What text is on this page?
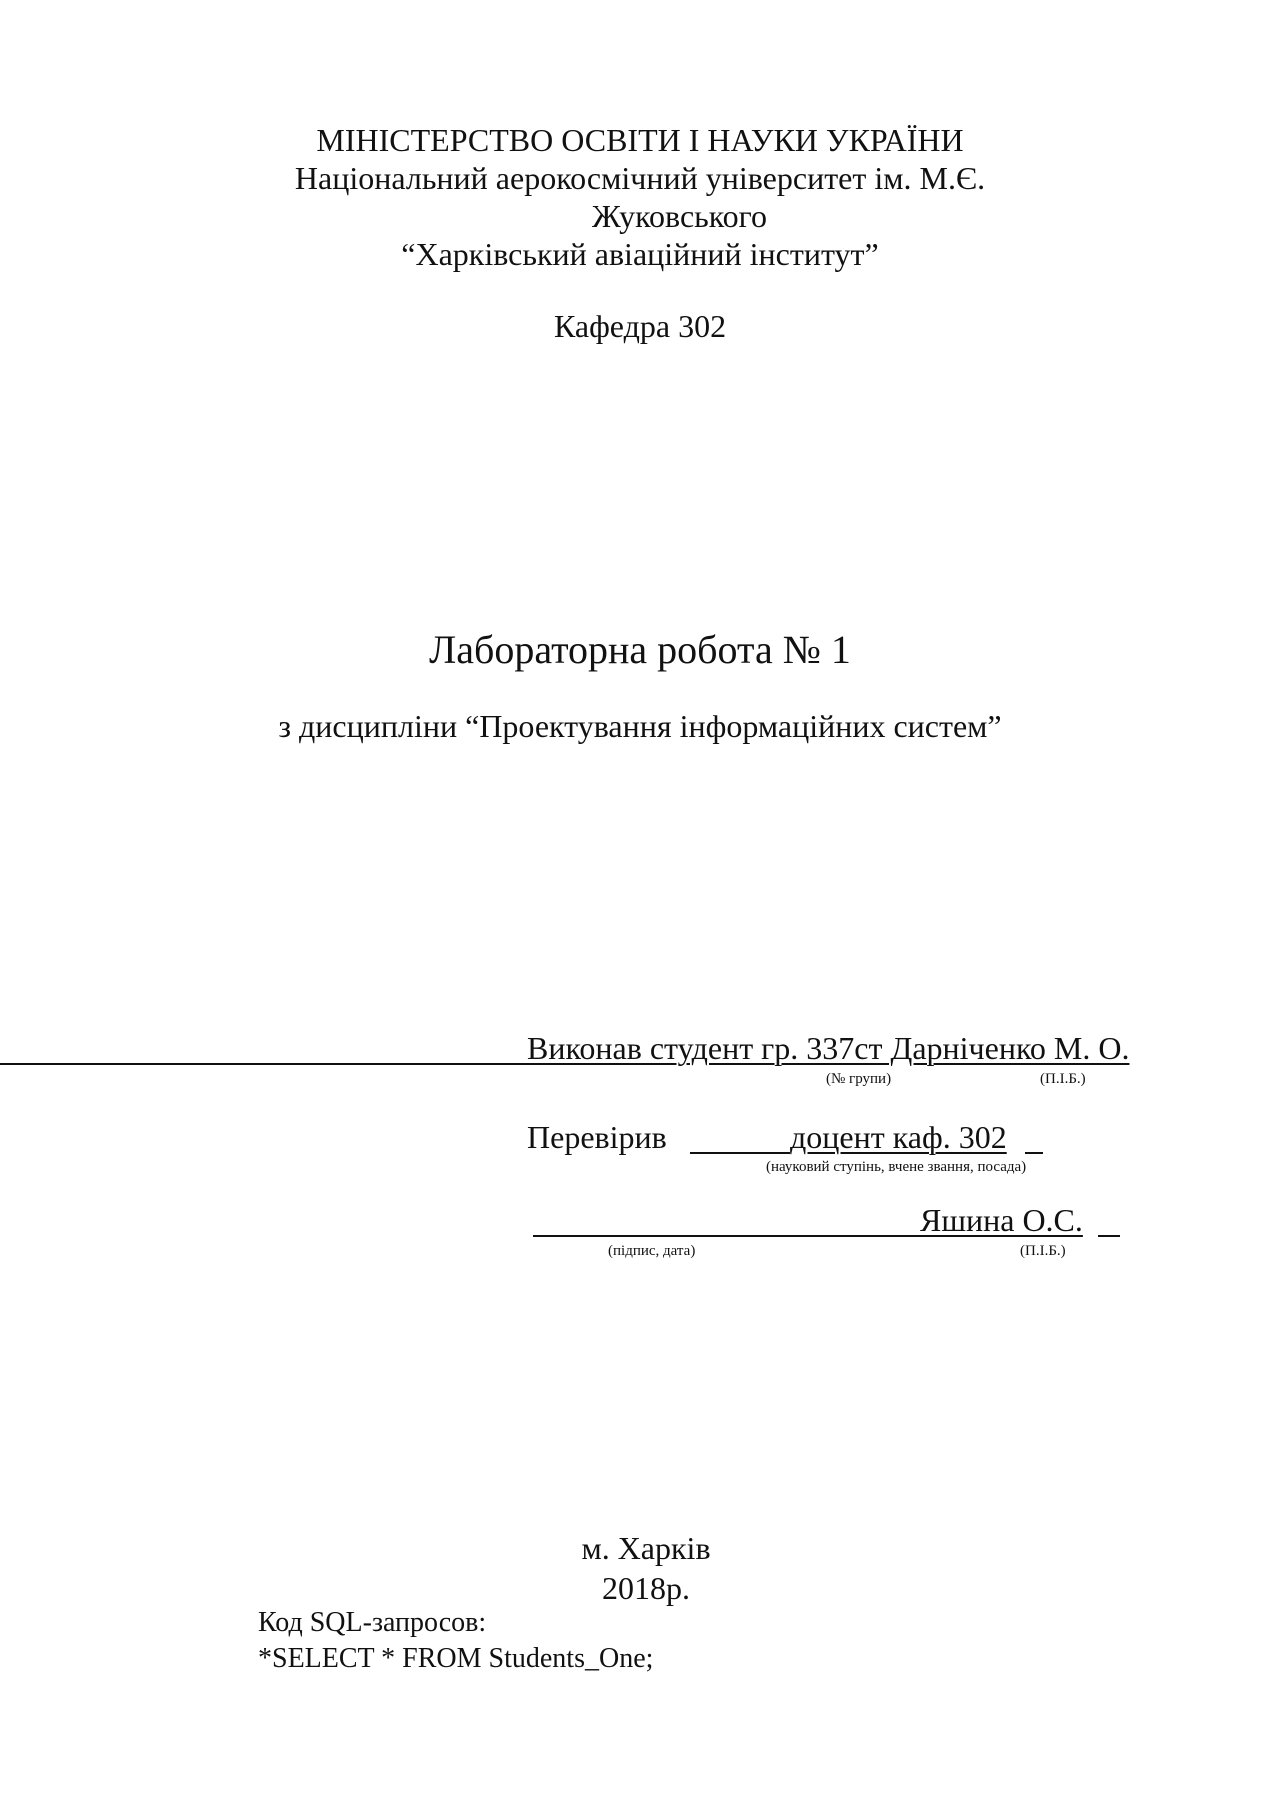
МІНІСТЕРСТВО ОСВІТИ І НАУКИ УКРАЇНИ
Національний аерокосмічний університет ім. М.Є.
Жуковського
“Харківський авіаційний інститут”
Кафедра 302
Лабораторна робота № 1
з дисципліни “Проектування інформаційних систем”
Виконав студент гр. 337ст Дарніченко М. О.
(№ групи)	(П.І.Б.)
Перевірив	доцент каф. 302
(науковий ступінь, вчене звання, посада)
Яшина О.С.
(підпис, дата)	(П.І.Б.)
м. Харків
2018р.
Код SQL-запросов:
*SELECT * FROM Students_One;
